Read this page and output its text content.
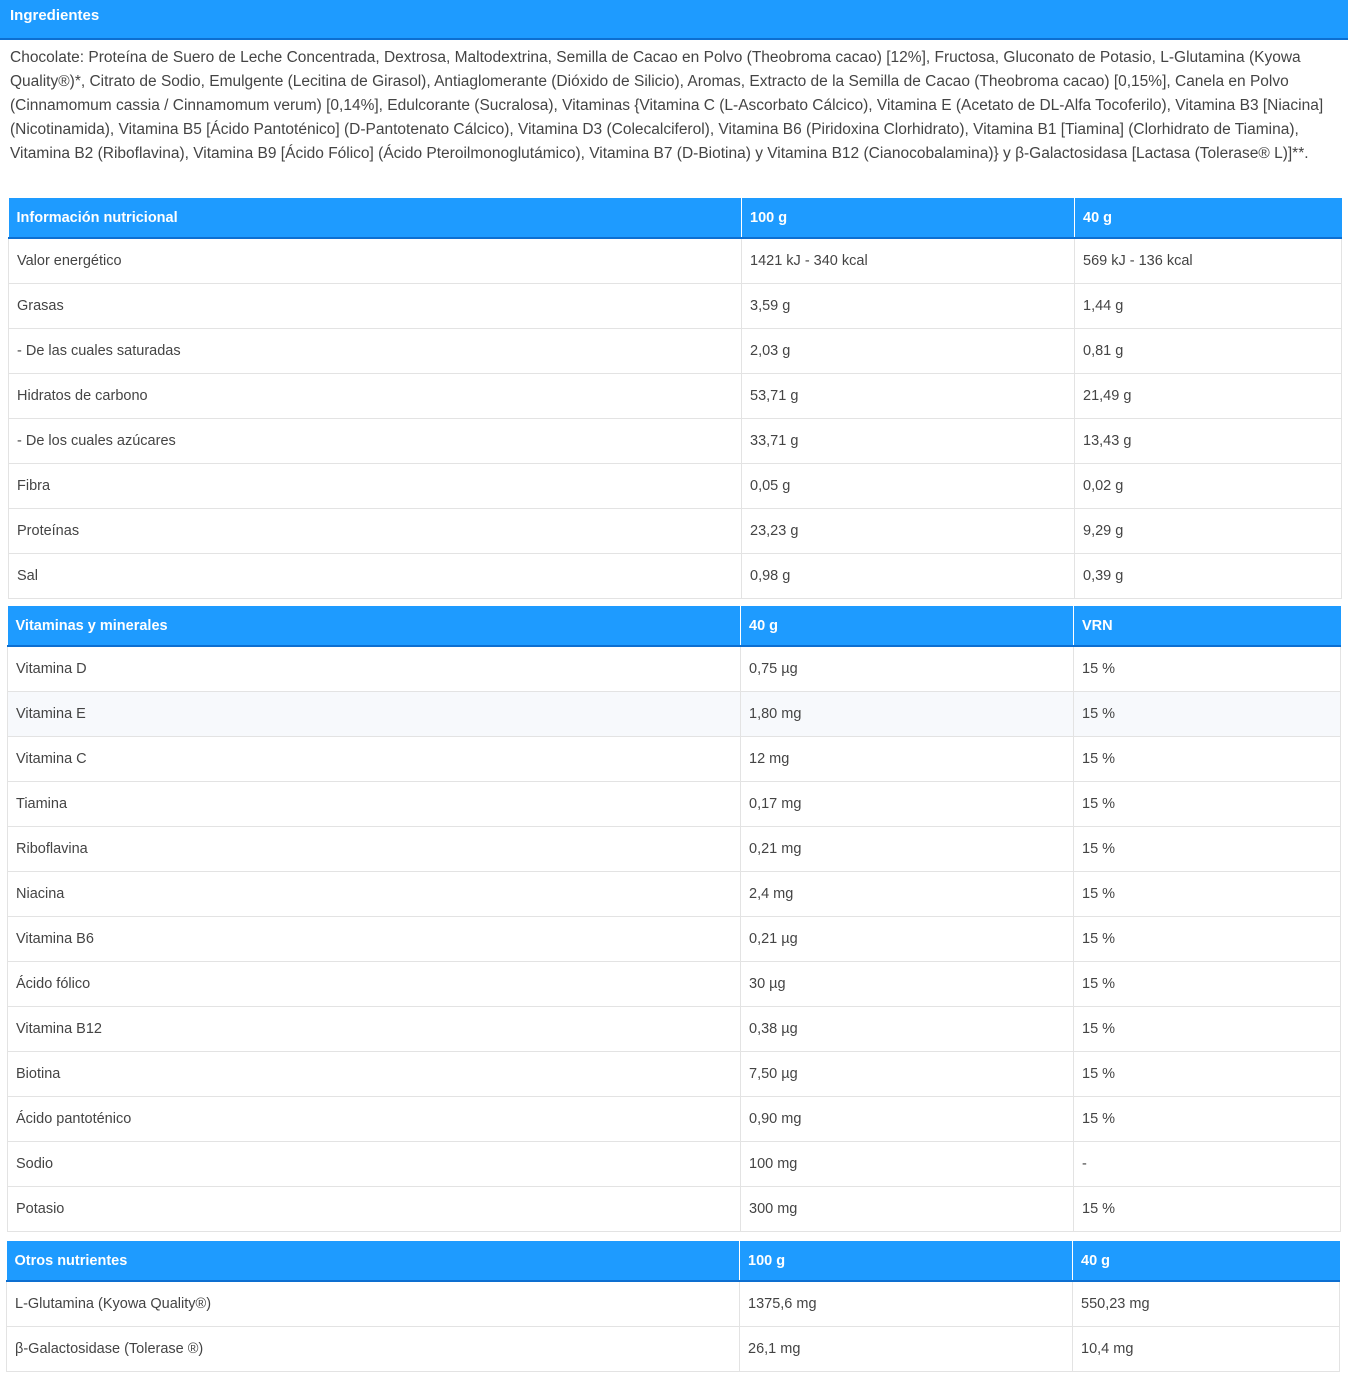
Ingredientes

Chocolate: Proteína de Suero de Leche Concentrada, Dextrosa, Maltodextrina, Semilla de Cacao en Polvo (Theobroma cacao) [12%], Fructosa, Gluconato de Potasio, L-Glutamina (Kyowa Quality®)*, Citrato de Sodio, Emulgente (Lecitina de Girasol), Antiaglomerante (Dióxido de Silicio), Aromas, Extracto de la Semilla de Cacao (Theobroma cacao) [0,15%], Canela en Polvo (Cinnamomum cassia / Cinnamomum verum) [0,14%], Edulcorante (Sucralosa), Vitaminas {Vitamina C (L-Ascorbato Cálcico), Vitamina E (Acetato de DL-Alfa Tocoferilo), Vitamina B3 [Niacina] (Nicotinamida), Vitamina B5 [Ácido Pantoténico] (D-Pantotenato Cálcico), Vitamina D3 (Colecalciferol), Vitamina B6 (Piridoxina Clorhidrato), Vitamina B1 [Tiamina] (Clorhidrato de Tiamina), Vitamina B2 (Riboflavina), Vitamina B9 [Ácido Fólico] (Ácido Pteroilmonoglutámico), Vitamina B7 (D-Biotina) y Vitamina B12 (Cianocobalamina)} y β-Galactosidasa [Lactasa (Tolerase® L)]**.

Información nutricional	100 g	40 g
Valor energético	1421 kJ - 340 kcal	569 kJ - 136 kcal
Grasas	3,59 g	1,44 g
- De las cuales saturadas	2,03 g	0,81 g
Hidratos de carbono	53,71 g	21,49 g
- De los cuales azúcares	33,71 g	13,43 g
Fibra	0,05 g	0,02 g
Proteínas	23,23 g	9,29 g
Sal	0,98 g	0,39 g
Vitaminas y minerales	40 g	VRN
Vitamina D	0,75 µg	15 %
Vitamina E	1,80 mg	15 %
Vitamina C	12 mg	15 %
Tiamina	0,17 mg	15 %
Riboflavina	0,21 mg	15 %
Niacina	2,4 mg	15 %
Vitamina B6	0,21 µg	15 %
Ácido fólico	30 µg	15 %
Vitamina B12	0,38 µg	15 %
Biotina	7,50 µg	15 %
Ácido pantoténico	0,90 mg	15 %
Sodio	100 mg	-
Potasio	300 mg	15 %
Otros nutrientes	100 g	40 g
L-Glutamina (Kyowa Quality®)	1375,6 mg	550,23 mg
β-Galactosidase (Tolerase ®)	26,1 mg	10,4 mg
